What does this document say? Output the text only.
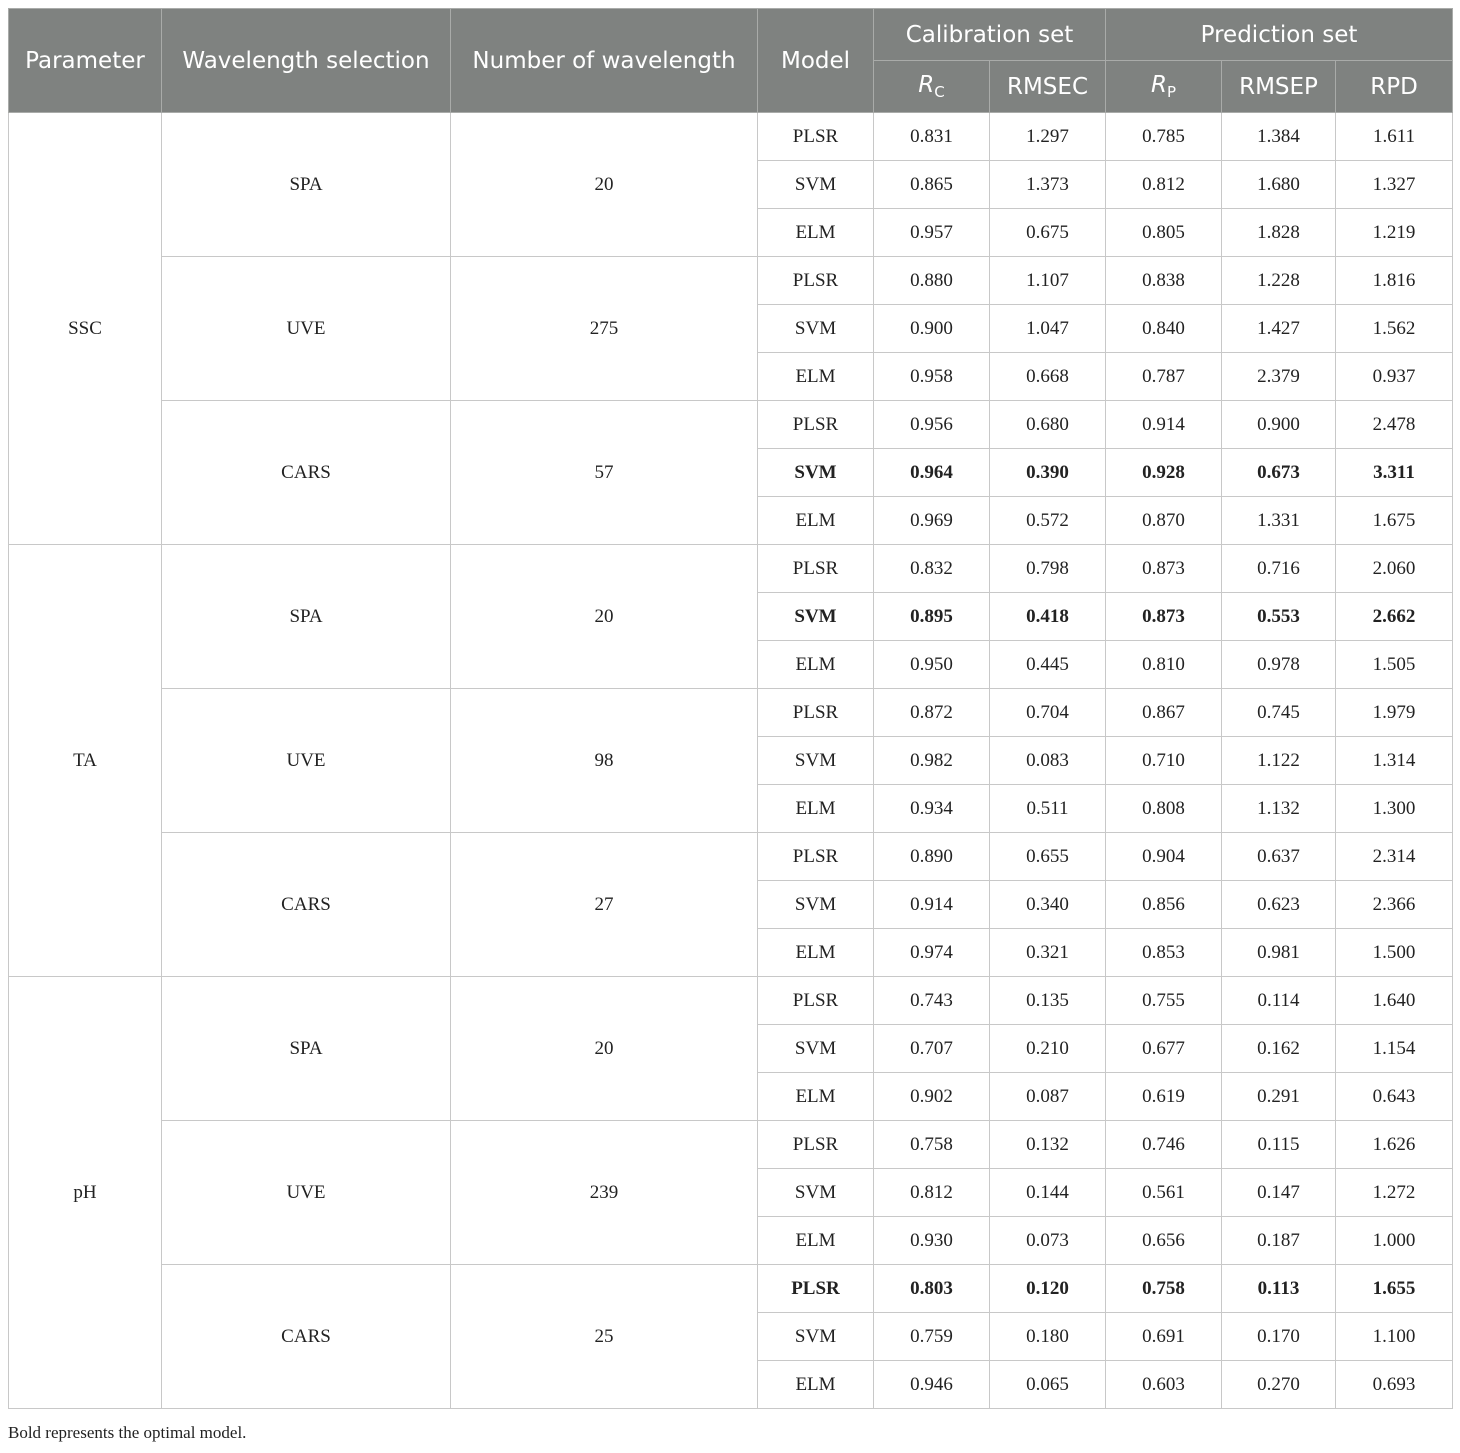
Parameter	Wavelength selection	Number of wavelength	Model	Calibration set		Prediction set		
				$R_C$	RMSEC	$R_P$	RMSEP	RPD
SSC	SPA	20	PLSR	0.831	1.297	0.785	1.384	1.611
			SVM	0.865	1.373	0.812	1.680	1.327
			ELM	0.957	0.675	0.805	1.828	1.219
	UVE	275	PLSR	0.880	1.107	0.838	1.228	1.816
			SVM	0.900	1.047	0.840	1.427	1.562
			ELM	0.958	0.668	0.787	2.379	0.937
	CARS	57	PLSR	0.956	0.680	0.914	0.900	2.478
			SVM	0.964	0.390	0.928	0.673	3.311
			ELM	0.969	0.572	0.870	1.331	1.675
TA	SPA	20	PLSR	0.832	0.798	0.873	0.716	2.060
			SVM	0.895	0.418	0.873	0.553	2.662
			ELM	0.950	0.445	0.810	0.978	1.505
	UVE	98	PLSR	0.872	0.704	0.867	0.745	1.979
			SVM	0.982	0.083	0.710	1.122	1.314
			ELM	0.934	0.511	0.808	1.132	1.300
	CARS	27	PLSR	0.890	0.655	0.904	0.637	2.314
			SVM	0.914	0.340	0.856	0.623	2.366
			ELM	0.974	0.321	0.853	0.981	1.500
pH	SPA	20	PLSR	0.743	0.135	0.755	0.114	1.640
			SVM	0.707	0.210	0.677	0.162	1.154
			ELM	0.902	0.087	0.619	0.291	0.643
	UVE	239	PLSR	0.758	0.132	0.746	0.115	1.626
			SVM	0.812	0.144	0.561	0.147	1.272
			ELM	0.930	0.073	0.656	0.187	1.000
	CARS	25	PLSR	0.803	0.120	0.758	0.113	1.655
			SVM	0.759	0.180	0.691	0.170	1.100
			ELM	0.946	0.065	0.603	0.270	0.693
Bold represents the optimal model.
